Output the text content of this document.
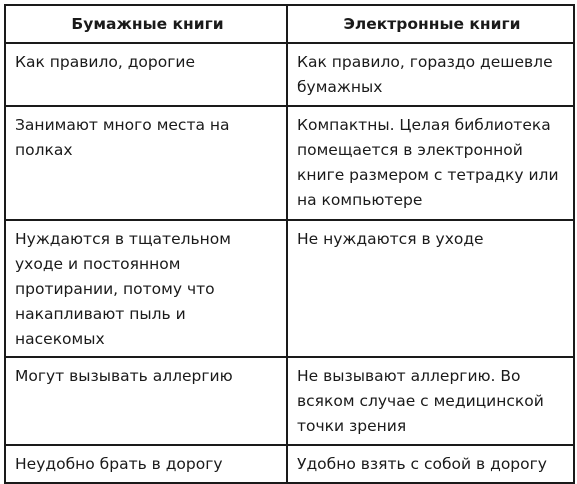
Бумажные книги	Электронные книги
Как правило, дорогие	Как правило, гораздо дешевле бумажных
Занимают много места на полках	Компактны. Целая библиотека помещается в электронной книге размером с тетрадку или на компьютере
Нуждаются в тщательном уходе и постоянном протирании, потому что накапливают пыль и насекомых	Не нуждаются в уходе
Могут вызывать аллергию	Не вызывают аллергию. Во всяком случае с медицинской точки зрения
Неудобно брать в дорогу	Удобно взять с собой в дорогу
